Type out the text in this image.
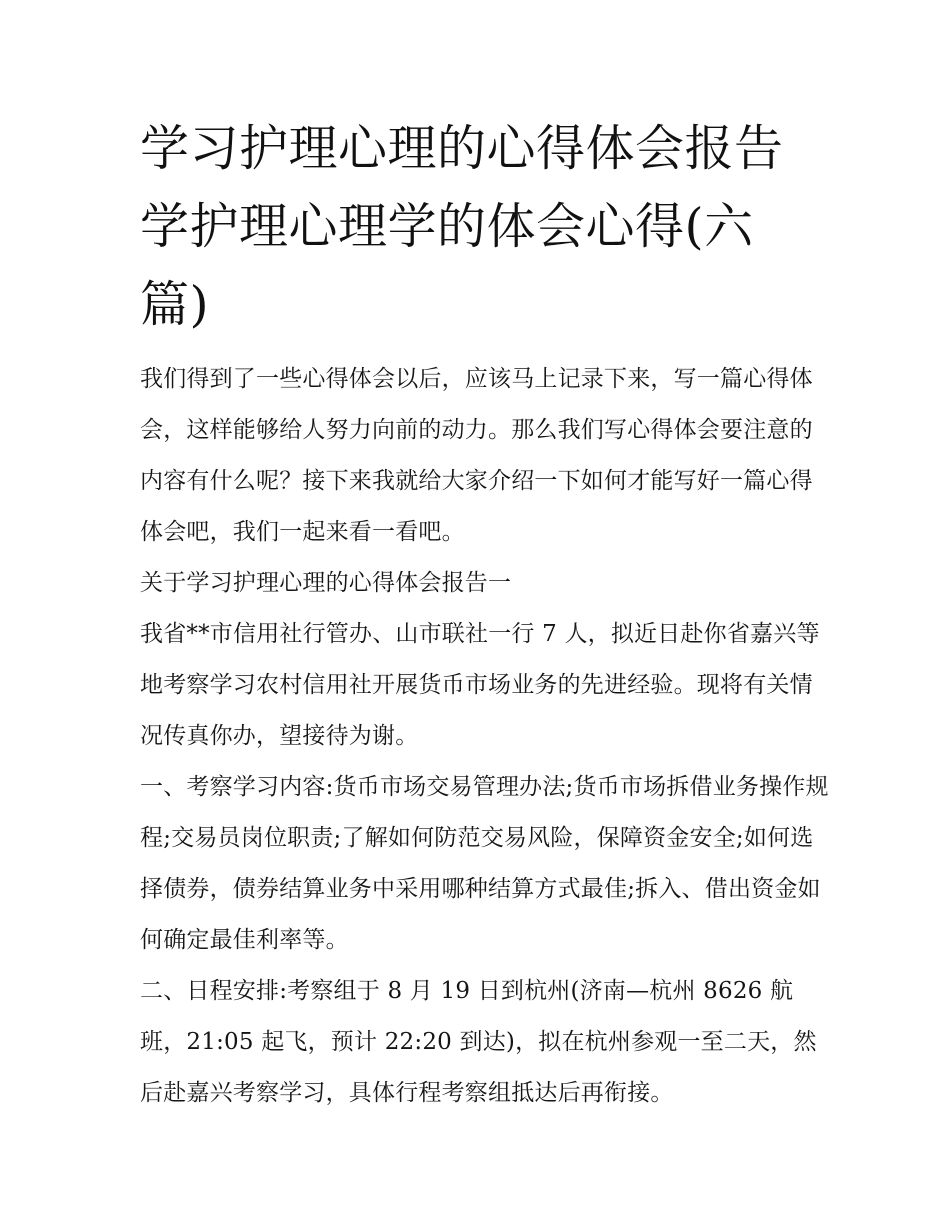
学习护理心理的心得体会报告 学护理心理学的体会心得(六篇)

我们得到了一些心得体会以后，应该马上记录下来，写一篇心得体会，这样能够给人努力向前的动力。那么我们写心得体会要注意的内容有什么呢？接下来我就给大家介绍一下如何才能写好一篇心得体会吧，我们一起来看一看吧。

关于学习护理心理的心得体会报告一

我省**市信用社行管办、山市联社一行 7 人，拟近日赴你省嘉兴等地考察学习农村信用社开展货币市场业务的先进经验。现将有关情况传真你办，望接待为谢。

一、考察学习内容:货币市场交易管理办法;货币市场拆借业务操作规程;交易员岗位职责;了解如何防范交易风险，保障资金安全;如何选择债券，债券结算业务中采用哪种结算方式最佳;拆入、借出资金如何确定最佳利率等。

二、日程安排:考察组于 8 月 19 日到杭州(济南—杭州 8626 航班，21:05 起飞，预计 22:20 到达)，拟在杭州参观一至二天，然后赴嘉兴考察学习，具体行程考察组抵达后再衔接。
